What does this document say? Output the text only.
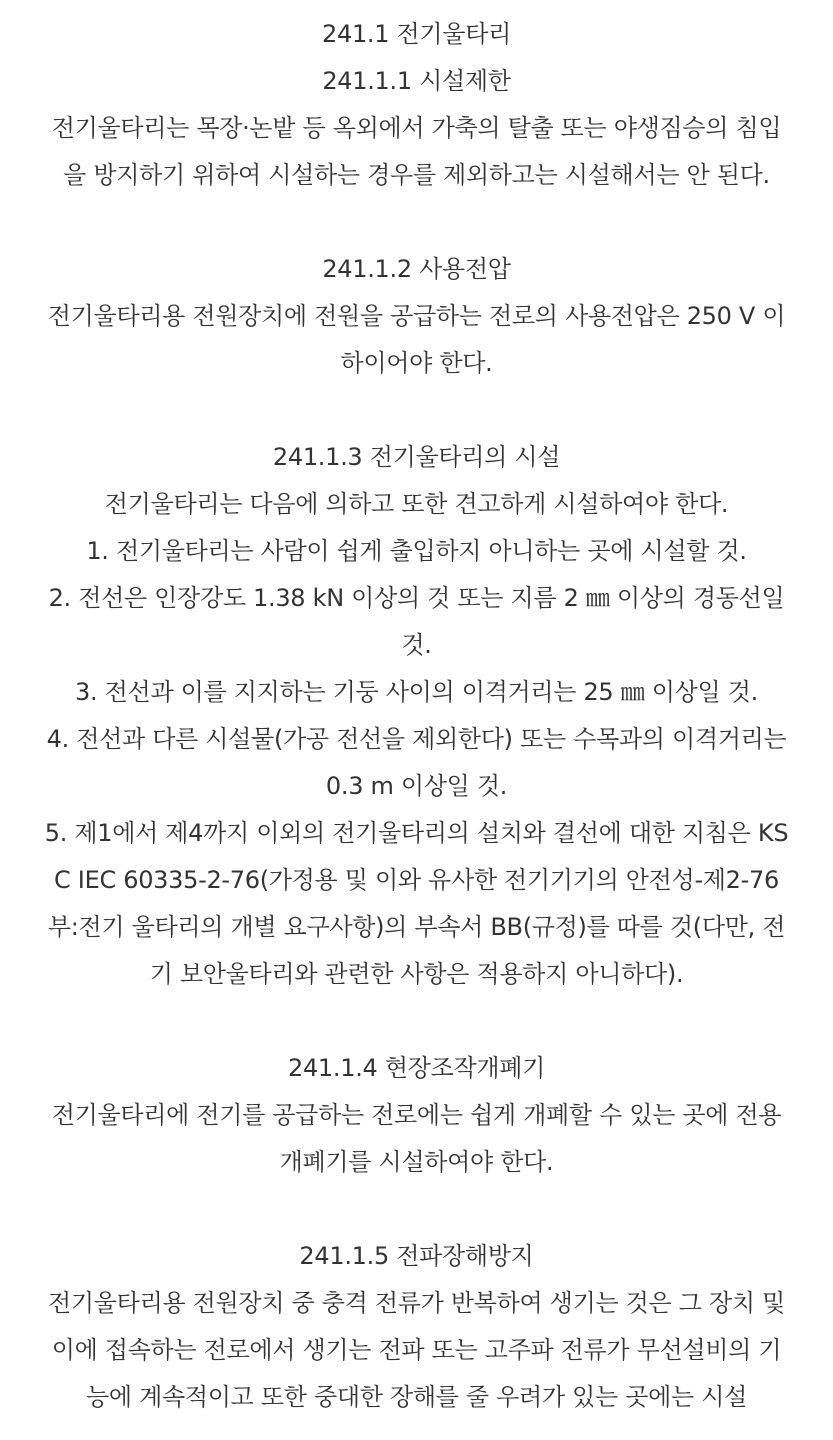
241.1 전기울타리
241.1.1 시설제한
전기울타리는 목장·논밭 등 옥외에서 가축의 탈출 또는 야생짐승의 침입을 방지하기 위하여 시설하는 경우를 제외하고는 시설해서는 안 된다.
241.1.2 사용전압
전기울타리용 전원장치에 전원을 공급하는 전로의 사용전압은 250 V 이하이어야 한다.
241.1.3 전기울타리의 시설
전기울타리는 다음에 의하고 또한 견고하게 시설하여야 한다.
1. 전기울타리는 사람이 쉽게 출입하지 아니하는 곳에 시설할 것.
2. 전선은 인장강도 1.38 kN 이상의 것 또는 지름 2 ㎜ 이상의 경동선일 것.
3. 전선과 이를 지지하는 기둥 사이의 이격거리는 25 ㎜ 이상일 것.
4. 전선과 다른 시설물(가공 전선을 제외한다) 또는 수목과의 이격거리는 0.3 m 이상일 것.
5. 제1에서 제4까지 이외의 전기울타리의 설치와 결선에 대한 지침은 KS C IEC 60335-2-76(가정용 및 이와 유사한 전기기기의 안전성-제2-76부:전기 울타리의 개별 요구사항)의 부속서 BB(규정)를 따를 것(다만, 전기 보안울타리와 관련한 사항은 적용하지 아니하다).
241.1.4 현장조작개폐기
전기울타리에 전기를 공급하는 전로에는 쉽게 개폐할 수 있는 곳에 전용 개폐기를 시설하여야 한다.
241.1.5 전파장해방지
전기울타리용 전원장치 중 충격 전류가 반복하여 생기는 것은 그 장치 및 이에 접속하는 전로에서 생기는 전파 또는 고주파 전류가 무선설비의 기능에 계속적이고 또한 중대한 장해를 줄 우려가 있는 곳에는 시설
